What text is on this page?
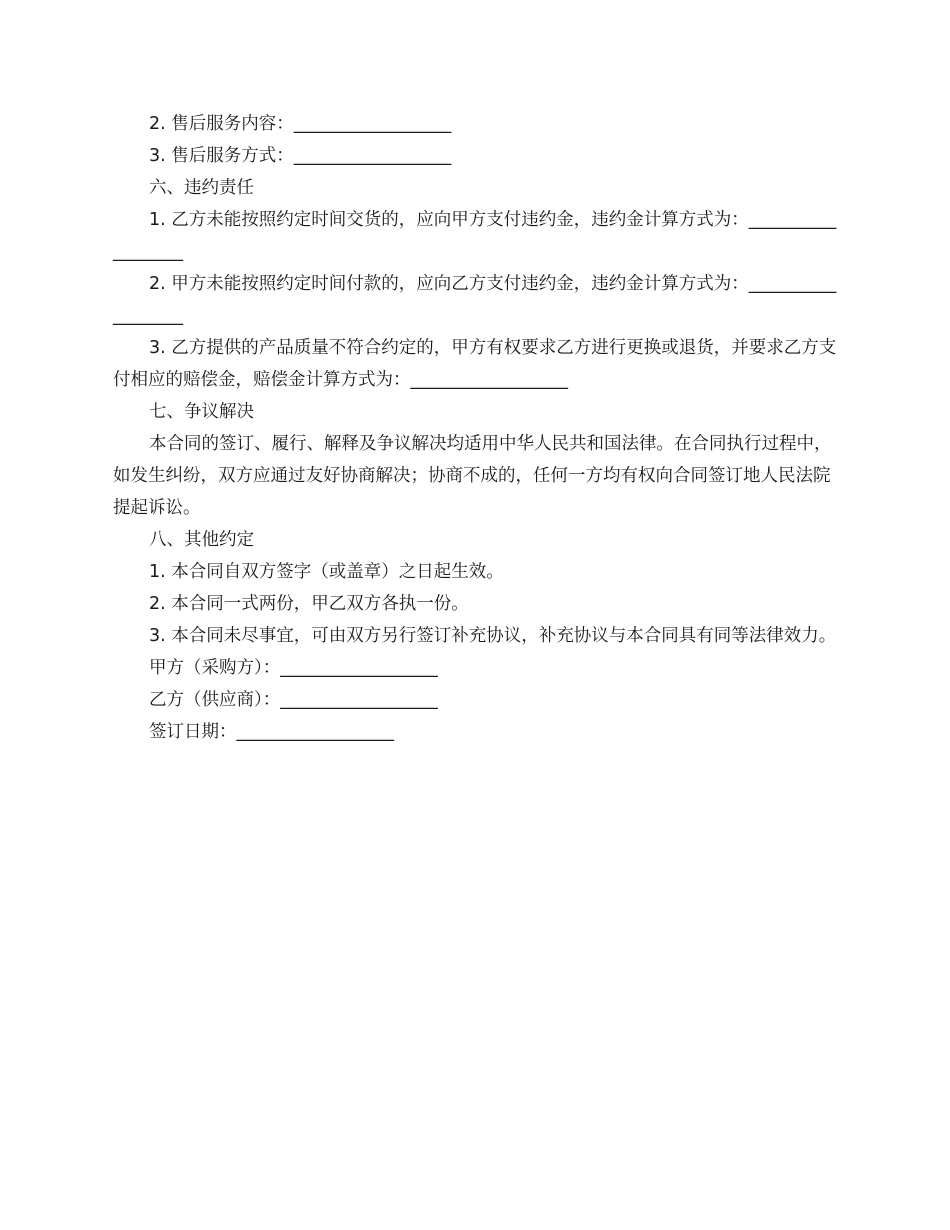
2. 售后服务内容：__________________

3. 售后服务方式：__________________

六、违约责任

1. 乙方未能按照约定时间交货的，应向甲方支付违约金，违约金计算方式为：__________________

2. 甲方未能按照约定时间付款的，应向乙方支付违约金，违约金计算方式为：__________________

3. 乙方提供的产品质量不符合约定的，甲方有权要求乙方进行更换或退货，并要求乙方支付相应的赔偿金，赔偿金计算方式为：__________________

七、争议解决

本合同的签订、履行、解释及争议解决均适用中华人民共和国法律。在合同执行过程中，如发生纠纷，双方应通过友好协商解决；协商不成的，任何一方均有权向合同签订地人民法院提起诉讼。

八、其他约定

1. 本合同自双方签字（或盖章）之日起生效。

2. 本合同一式两份，甲乙双方各执一份。

3. 本合同未尽事宜，可由双方另行签订补充协议，补充协议与本合同具有同等法律效力。

甲方（采购方）：__________________

乙方（供应商）：__________________

签订日期：__________________
